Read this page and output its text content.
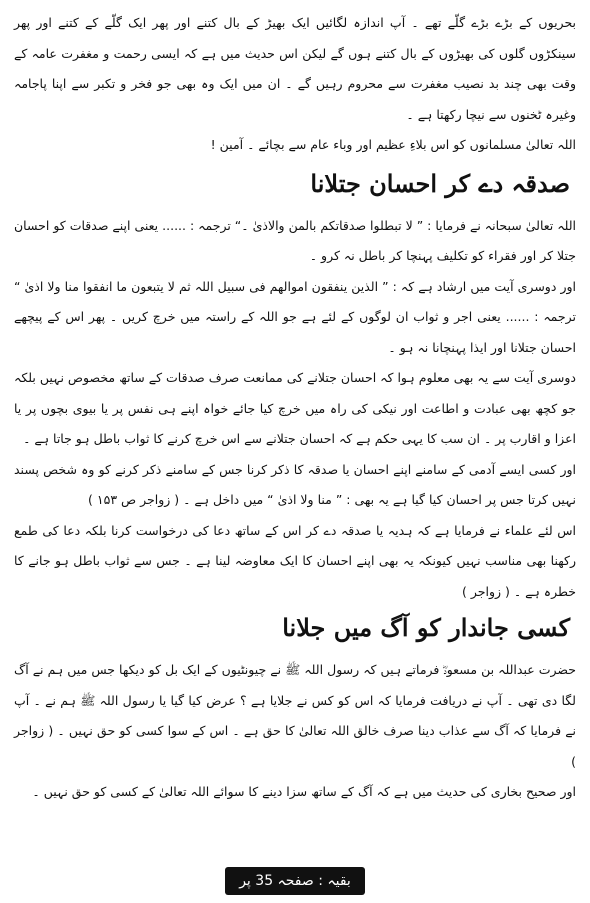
بحریوں کے بڑے بڑے گلّے تھے ۔ آپ اندازہ لگائیں ایک بھیڑ کے بال کتنے اور پھر ایک گلّے کے کتنے اور پھر سینکڑوں گلوں کی بھیڑوں کے بال کتنے ہوں گے لیکن اس حدیث میں ہے کہ ایسی رحمت و مغفرت عامہ کے وقت بھی چند بد نصیب مغفرت سے محروم رہیں گے ۔ ان میں ایک وہ بھی جو فخر و تکبر سے اپنا پاجامہ وغیرہ ٹخنوں سے نیچا رکھتا ہے ۔

اللہ تعالیٰ مسلمانوں کو اس بلاءِ عظیم اور وباء عام سے بچائے ۔ آمین !

صدقہ دے کر احسان جتلانا

اللہ تعالیٰ سبحانہ نے فرمایا : ” لا تبطلوا صدقاتکم بالمن والاذیٰ ۔“ ترجمہ : ...... یعنی اپنے صدقات کو احسان جتلا کر اور فقراء کو تکلیف پہنچا کر باطل نہ کرو ۔

اور دوسری آیت میں ارشاد ہے کہ : ” الذین ینفقون اموالھم فی سبیل اللہ ثم لا یتبعون ما انفقوا منا ولا اذیٰ “ ترجمہ : ...... یعنی اجر و ثواب ان لوگوں کے لئے ہے جو اللہ کے راستہ میں خرچ کریں ۔ پھر اس کے پیچھے احسان جتلانا اور ایذا پہنچانا نہ ہو ۔

دوسری آیت سے یہ بھی معلوم ہوا کہ احسان جتلانے کی ممانعت صرف صدقات کے ساتھ مخصوص نہیں بلکہ جو کچھ بھی عبادت و اطاعت اور نیکی کی راہ میں خرچ کیا جائے خواہ اپنے ہی نفس پر یا بیوی بچوں پر یا اعزا و اقارب پر ۔ ان سب کا یہی حکم ہے کہ احسان جتلانے سے اس خرچ کرنے کا ثواب باطل ہو جاتا ہے ۔

اور کسی ایسے آدمی کے سامنے اپنے احسان یا صدقہ کا ذکر کرنا جس کے سامنے ذکر کرنے کو وہ شخص پسند نہیں کرتا جس پر احسان کیا گیا ہے یہ بھی : ” منا ولا اذیٰ “ میں داخل ہے ۔ ( زواجر ص ۱۵۳ )

اس لئے علماء نے فرمایا ہے کہ ہدیہ یا صدقہ دے کر اس کے ساتھ دعا کی درخواست کرنا بلکہ دعا کی طمع رکھنا بھی مناسب نہیں کیونکہ یہ بھی اپنے احسان کا ایک معاوضہ لینا ہے ۔ جس سے ثواب باطل ہو جانے کا خطرہ ہے ۔ ( زواجر )

کسی جاندار کو آگ میں جلانا

حضرت عبداللہ بن مسعودؓ فرماتے ہیں کہ رسول اللہ ﷺ نے چیونٹیوں کے ایک بل کو دیکھا جس میں ہم نے آگ لگا دی تھی ۔ آپ نے دریافت فرمایا کہ اس کو کس نے جلایا ہے ؟ عرض کیا گیا یا رسول اللہ ﷺ ہم نے ۔ آپ نے فرمایا کہ آگ سے عذاب دینا صرف خالق اللہ تعالیٰ کا حق ہے ۔ اس کے سوا کسی کو حق نہیں ۔ ( زواجر )

اور صحیح بخاری کی حدیث میں ہے کہ آگ کے ساتھ سزا دینے کا سوائے اللہ تعالیٰ کے کسی کو حق نہیں ۔

بقیہ : صفحہ 35 پر
